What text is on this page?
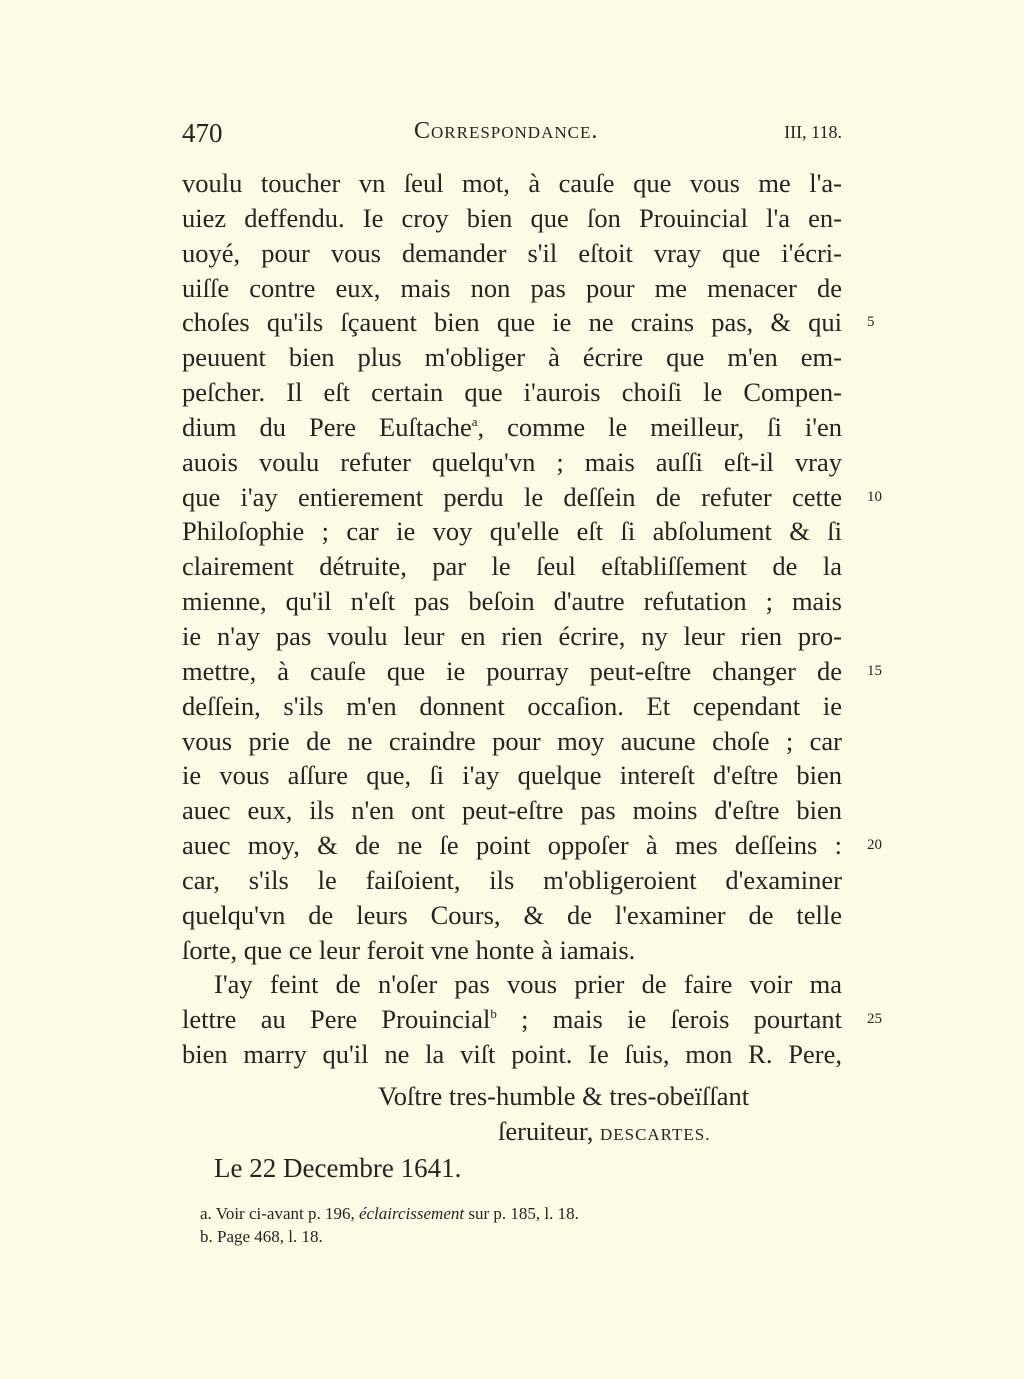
470	Correspondance.	III, 118.
voulu toucher vn ſeul mot, à cauſe que vous me l'a-
uiez deffendu. Ie croy bien que ſon Prouincial l'a en-
uoyé, pour vous demander s'il eſtoit vray que i'écri-
uiſſe contre eux, mais non pas pour me menacer de
choſes qu'ils ſçauent bien que ie ne crains pas, & qui 5
peuuent bien plus m'obliger à écrire que m'en em-
peſcher. Il eſt certain que i'aurois choiſi le Compen-
dium du Pere Euſtache$^a$, comme le meilleur, ſi i'en
auois voulu refuter quelqu'vn ; mais auſſi eſt-il vray
que i'ay entierement perdu le deſſein de refuter cette 10
Philoſophie ; car ie voy qu'elle eſt ſi abſolument & ſi
clairement détruite, par le ſeul eſtabliſſement de la
mienne, qu'il n'eſt pas beſoin d'autre refutation ; mais
ie n'ay pas voulu leur en rien écrire, ny leur rien pro-
mettre, à cauſe que ie pourray peut-eſtre changer de 15
deſſein, s'ils m'en donnent occaſion. Et cependant ie
vous prie de ne craindre pour moy aucune choſe ; car
ie vous aſſure que, ſi i'ay quelque intereſt d'eſtre bien
auec eux, ils n'en ont peut-eſtre pas moins d'eſtre bien
auec moy, & de ne ſe point oppoſer à mes deſſeins : 20
car, s'ils le faiſoient, ils m'obligeroient d'examiner
quelqu'vn de leurs Cours, & de l'examiner de telle
ſorte, que ce leur feroit vne honte à iamais.
I'ay feint de n'oſer pas vous prier de faire voir ma
lettre au Pere Prouincial$^b$ ; mais ie ſerois pourtant 25
bien marry qu'il ne la viſt point. Ie ſuis, mon R. Pere,
Voſtre tres-humble & tres-obeïſſant
ſeruiteur, DESCARTES.
Le 22 Decembre 1641.
a. Voir ci-avant p. 196, éclaircissement sur p. 185, l. 18.
b. Page 468, l. 18.
